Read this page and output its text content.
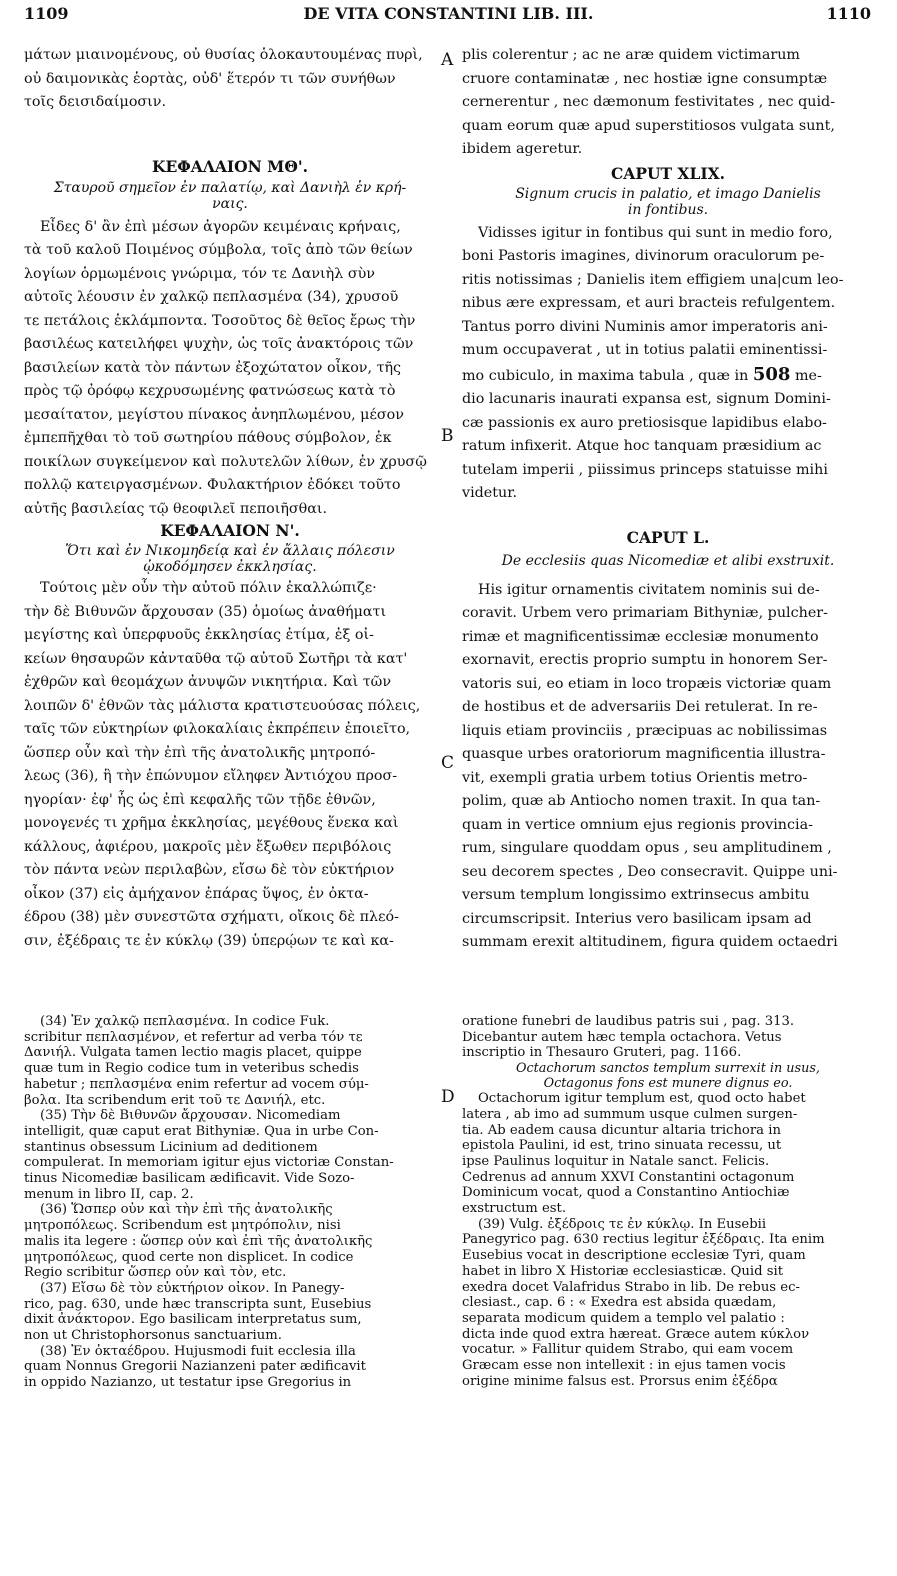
1109	DE VITA CONSTANTINI LIB. III.	1110
A
B
C
D
μάτων μιαινομένους, οὐ θυσίας ὁλοκαυτουμένας πυρὶ,
οὐ δαιμονικὰς ἑορτὰς, οὐδ' ἕτερόν τι τῶν συνήθων
τοῖς δεισιδαίμοσιν.
ΚΕΦΑΛΑΙΟΝ ΜΘ'.
Σταυροῦ σημεῖον ἐν παλατίῳ, καὶ Δανιὴλ ἐν κρή-
ναις.
Εἶδες δ' ἂν ἐπὶ μέσων ἀγορῶν κειμέναις κρήναις,
τὰ τοῦ καλοῦ Ποιμένος σύμβολα, τοῖς ἀπὸ τῶν θείων
λογίων ὁρμωμένοις γνώριμα, τόν τε Δανιὴλ σὺν
αὐτοῖς λέουσιν ἐν χαλκῷ πεπλασμένα (34), χρυσοῦ
τε πετάλοις ἐκλάμποντα. Τοσοῦτος δὲ θεῖος ἔρως τὴν
βασιλέως κατειλήφει ψυχὴν, ὡς τοῖς ἀνακτόροις τῶν
βασιλείων κατὰ τὸν πάντων ἐξοχώτατον οἶκον, τῆς
πρὸς τῷ ὀρόφῳ κεχρυσωμένης φατνώσεως κατὰ τὸ
μεσαίτατον, μεγίστου πίνακος ἀνηπλωμένου, μέσον
ἐμπεπῆχθαι τὸ τοῦ σωτηρίου πάθους σύμβολον, ἐκ
ποικίλων συγκείμενον καὶ πολυτελῶν λίθων, ἐν χρυσῷ
πολλῷ κατειργασμένων. Φυλακτήριον ἐδόκει τοῦτο
αὐτῆς βασιλείας τῷ θεοφιλεῖ πεποιῆσθαι.
ΚΕΦΑΛΑΙΟΝ Ν'.
Ὅτι καὶ ἐν Νικομηδείᾳ καὶ ἐν ἄλλαις πόλεσιν
ᾠκοδόμησεν ἐκκλησίας.
Τούτοις μὲν οὖν τὴν αὐτοῦ πόλιν ἐκαλλώπιζε·
τὴν δὲ Βιθυνῶν ἄρχουσαν (35) ὁμοίως ἀναθήματι
μεγίστης καὶ ὑπερφυοῦς ἐκκλησίας ἐτίμα, ἐξ οἰ-
κείων θησαυρῶν κἀνταῦθα τῷ αὐτοῦ Σωτῆρι τὰ κατ'
ἐχθρῶν καὶ θεομάχων ἀνυψῶν νικητήρια. Καὶ τῶν
λοιπῶν δ' ἐθνῶν τὰς μάλιστα κρατιστευούσας πόλεις,
ταῖς τῶν εὐκτηρίων φιλοκαλίαις ἐκπρέπειν ἐποιεῖτο,
ὥσπερ οὖν καὶ τὴν ἐπὶ τῆς ἀνατολικῆς μητροπό-
λεως (36), ἣ τὴν ἐπώνυμον εἴληφεν Ἀντιόχου προσ-
ηγορίαν· ἐφ' ἧς ὡς ἐπὶ κεφαλῆς τῶν τῇδε ἐθνῶν,
μονογενές τι χρῆμα ἐκκλησίας, μεγέθους ἕνεκα καὶ
κάλλους, ἀφιέρου, μακροῖς μὲν ἔξωθεν περιβόλοις
τὸν πάντα νεὼν περιλαβὼν, εἴσω δὲ τὸν εὐκτήριον
οἶκον (37) εἰς ἀμήχανον ἐπάρας ὕψος, ἐν ὀκτα-
έδρου (38) μὲν συνεστῶτα σχήματι, οἴκοις δὲ πλεό-
σιν, ἐξέδραις τε ἐν κύκλῳ (39) ὑπερῴων τε καὶ κα-
plis colerentur ; ac ne aræ quidem victimarum
cruore contaminatæ , nec hostiæ igne consumptæ
cernerentur , nec dæmonum festivitates , nec quid-
quam eorum quæ apud superstitiosos vulgata sunt,
ibidem ageretur.
CAPUT XLIX.
Signum crucis in palatio, et imago Danielis
in fontibus.
Vidisses igitur in fontibus qui sunt in medio foro,
boni Pastoris imagines, divinorum oraculorum pe-
ritis notissimas ; Danielis item effigiem una|cum leo-
nibus ære expressam, et auri bracteis refulgentem.
Tantus porro divini Numinis amor imperatoris ani-
mum occupaverat , ut in totius palatii eminentissi-
mo cubiculo, in maxima tabula , quæ in 508 me-
dio lacunaris inaurati expansa est, signum Domini-
cæ passionis ex auro pretiosisque lapidibus elabo-
ratum infixerit. Atque hoc tanquam præsidium ac
tutelam imperii , piissimus princeps statuisse mihi
videtur.
CAPUT L.
De ecclesiis quas Nicomediæ et alibi exstruxit.
His igitur ornamentis civitatem nominis sui de-
coravit. Urbem vero primariam Bithyniæ, pulcher-
rimæ et magnificentissimæ ecclesiæ monumento
exornavit, erectis proprio sumptu in honorem Ser-
vatoris sui, eo etiam in loco tropæis victoriæ quam
de hostibus et de adversariis Dei retulerat. In re-
liquis etiam provinciis , præcipuas ac nobilissimas
quasque urbes oratoriorum magnificentia illustra-
vit, exempli gratia urbem totius Orientis metro-
polim, quæ ab Antiocho nomen traxit. In qua tan-
quam in vertice omnium ejus regionis provincia-
rum, singulare quoddam opus , seu amplitudinem ,
seu decorem spectes , Deo consecravit. Quippe uni-
versum templum longissimo extrinsecus ambitu
circumscripsit. Interius vero basilicam ipsam ad
summam erexit altitudinem, figura quidem octaedri
(34) Ἐν χαλκῷ πεπλασμένα. In codice Fuk.
scribitur πεπλασμένον, et refertur ad verba τόν τε
Δανιήλ. Vulgata tamen lectio magis placet, quippe
quæ tum in Regio codice tum in veteribus schedis
habetur ; πεπλασμένα enim refertur ad vocem σύμ-
βολα. Ita scribendum erit τοῦ τε Δανιήλ, etc.
(35) Τὴν δὲ Βιθυνῶν ἄρχουσαν. Nicomediam
intelligit, quæ caput erat Bithyniæ. Qua in urbe Con-
stantinus obsessum Licinium ad deditionem
compulerat. In memoriam igitur ejus victoriæ Constan-
tinus Nicomediæ basilicam ædificavit. Vide Sozo-
menum in libro II, cap. 2.
(36) Ὥσπερ οὖν καὶ τὴν ἐπὶ τῆς ἀνατολικῆς
μητροπόλεως. Scribendum est μητρόπολιν, nisi
malis ita legere : ὥσπερ οὖν καὶ ἐπὶ τῆς ἀνατολικῆς
μητροπόλεως, quod certe non displicet. In codice
Regio scribitur ὥσπερ οὖν καὶ τὸν, etc.
(37) Εἴσω δὲ τὸν εὐκτήριον οἶκον. In Panegy-
rico, pag. 630, unde hæc transcripta sunt, Eusebius
dixit ἀνάκτορον. Ego basilicam interpretatus sum,
non ut Christophorsonus sanctuarium.
(38) Ἐν ὀκταέδρου. Hujusmodi fuit ecclesia illa
quam Nonnus Gregorii Nazianzeni pater ædificavit
in oppido Nazianzo, ut testatur ipse Gregorius in
oratione funebri de laudibus patris sui , pag. 313.
Dicebantur autem hæc templa octachora. Vetus
inscriptio in Thesauro Gruteri, pag. 1166.
Octachorum sanctos templum surrexit in usus,
Octagonus fons est munere dignus eo.
Octachorum igitur templum est, quod octo habet
latera , ab imo ad summum usque culmen surgen-
tia. Ab eadem causa dicuntur altaria trichora in
epistola Paulini, id est, trino sinuata recessu, ut
ipse Paulinus loquitur in Natale sanct. Felicis.
Cedrenus ad annum XXVI Constantini octagonum
Dominicum vocat, quod a Constantino Antiochiæ
exstructum est.
(39) Vulg. ἐξέδροις τε ἐν κύκλῳ. In Eusebii
Panegyrico pag. 630 rectius legitur ἐξέδραις. Ita enim
Eusebius vocat in descriptione ecclesiæ Tyri, quam
habet in libro X Historiæ ecclesiasticæ. Quid sit
exedra docet Valafridus Strabo in lib. De rebus ec-
clesiast., cap. 6 : « Exedra est absida quædam,
separata modicum quidem a templo vel palatio :
dicta inde quod extra hæreat. Græce autem κύκλον
vocatur. » Fallitur quidem Strabo, qui eam vocem
Græcam esse non intellexit : in ejus tamen vocis
origine minime falsus est. Prorsus enim ἐξέδρα
